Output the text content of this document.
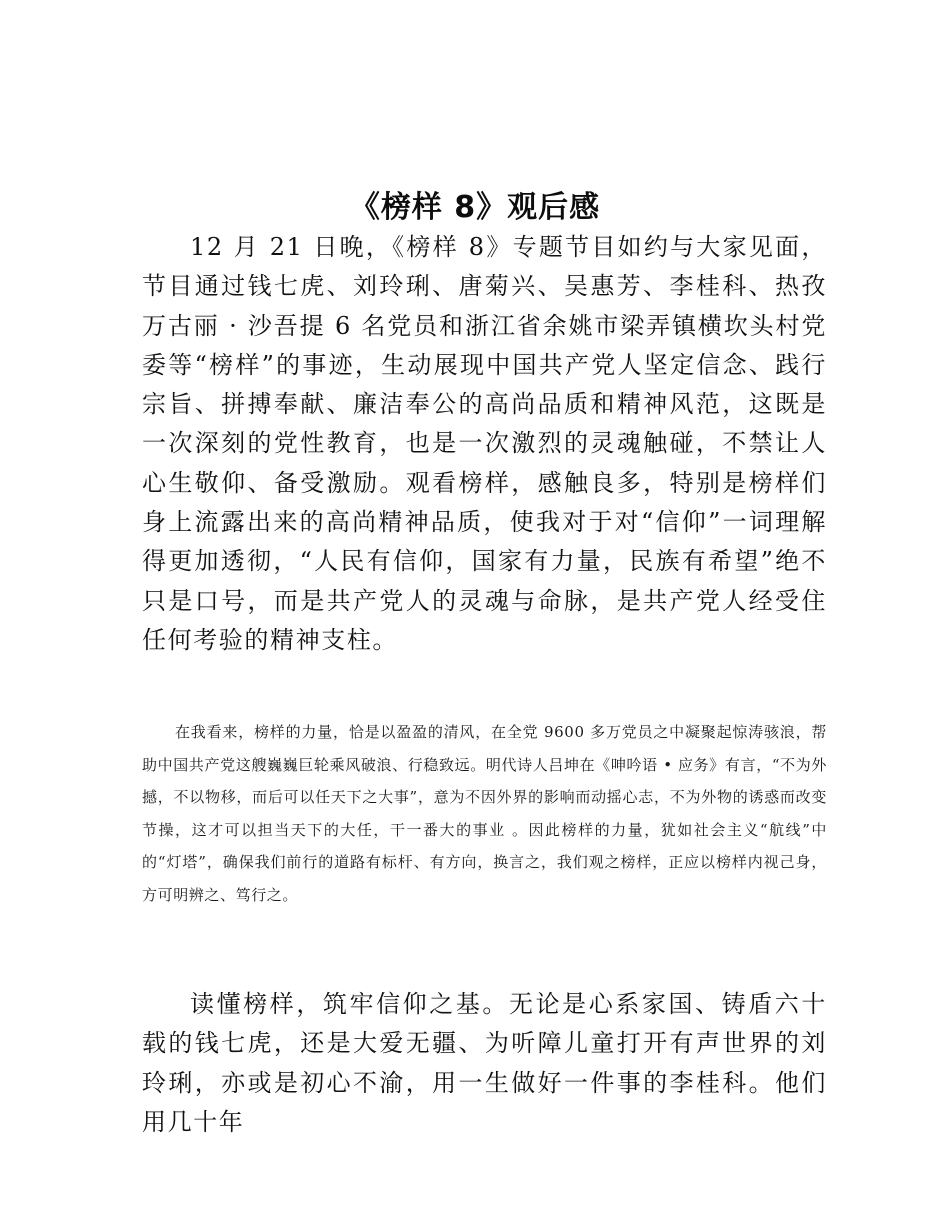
《榜样 8》观后感

12 月 21 日晚，《榜样 8》专题节目如约与大家见面，节目通过钱七虎、刘玲琍、唐菊兴、吴惠芳、李桂科、热孜万古丽 · 沙吾提 6 名党员和浙江省余姚市梁弄镇横坎头村党委等“榜样”的事迹，生动展现中国共产党人坚定信念、践行宗旨、拼搏奉献、廉洁奉公的高尚品质和精神风范，这既是一次深刻的党性教育，也是一次激烈的灵魂触碰，不禁让人心生敬仰、备受激励。观看榜样，感触良多，特别是榜样们身上流露出来的高尚精神品质，使我对于对“信仰”一词理解得更加透彻，“人民有信仰，国家有力量，民族有希望”绝不只是口号，而是共产党人的灵魂与命脉，是共产党人经受住任何考验的精神支柱。

在我看来，榜样的力量，恰是以盈盈的清风，在全党 9600 多万党员之中凝聚起惊涛骇浪，帮助中国共产党这艘巍巍巨轮乘风破浪、行稳致远。明代诗人吕坤在《呻吟语 • 应务》有言，“不为外撼，不以物移，而后可以任天下之大事”，意为不因外界的影响而动摇心志，不为外物的诱惑而改变节操，这才可以担当天下的大任，干一番大的事业 。因此榜样的力量，犹如社会主义“航线”中的“灯塔”，确保我们前行的道路有标杆、有方向，换言之，我们观之榜样，正应以榜样内视己身，方可明辨之、笃行之。

读懂榜样，筑牢信仰之基。无论是心系家国、铸盾六十载的钱七虎，还是大爱无疆、为听障儿童打开有声世界的刘玲琍，亦或是初心不渝，用一生做好一件事的李桂科。他们用几十年
